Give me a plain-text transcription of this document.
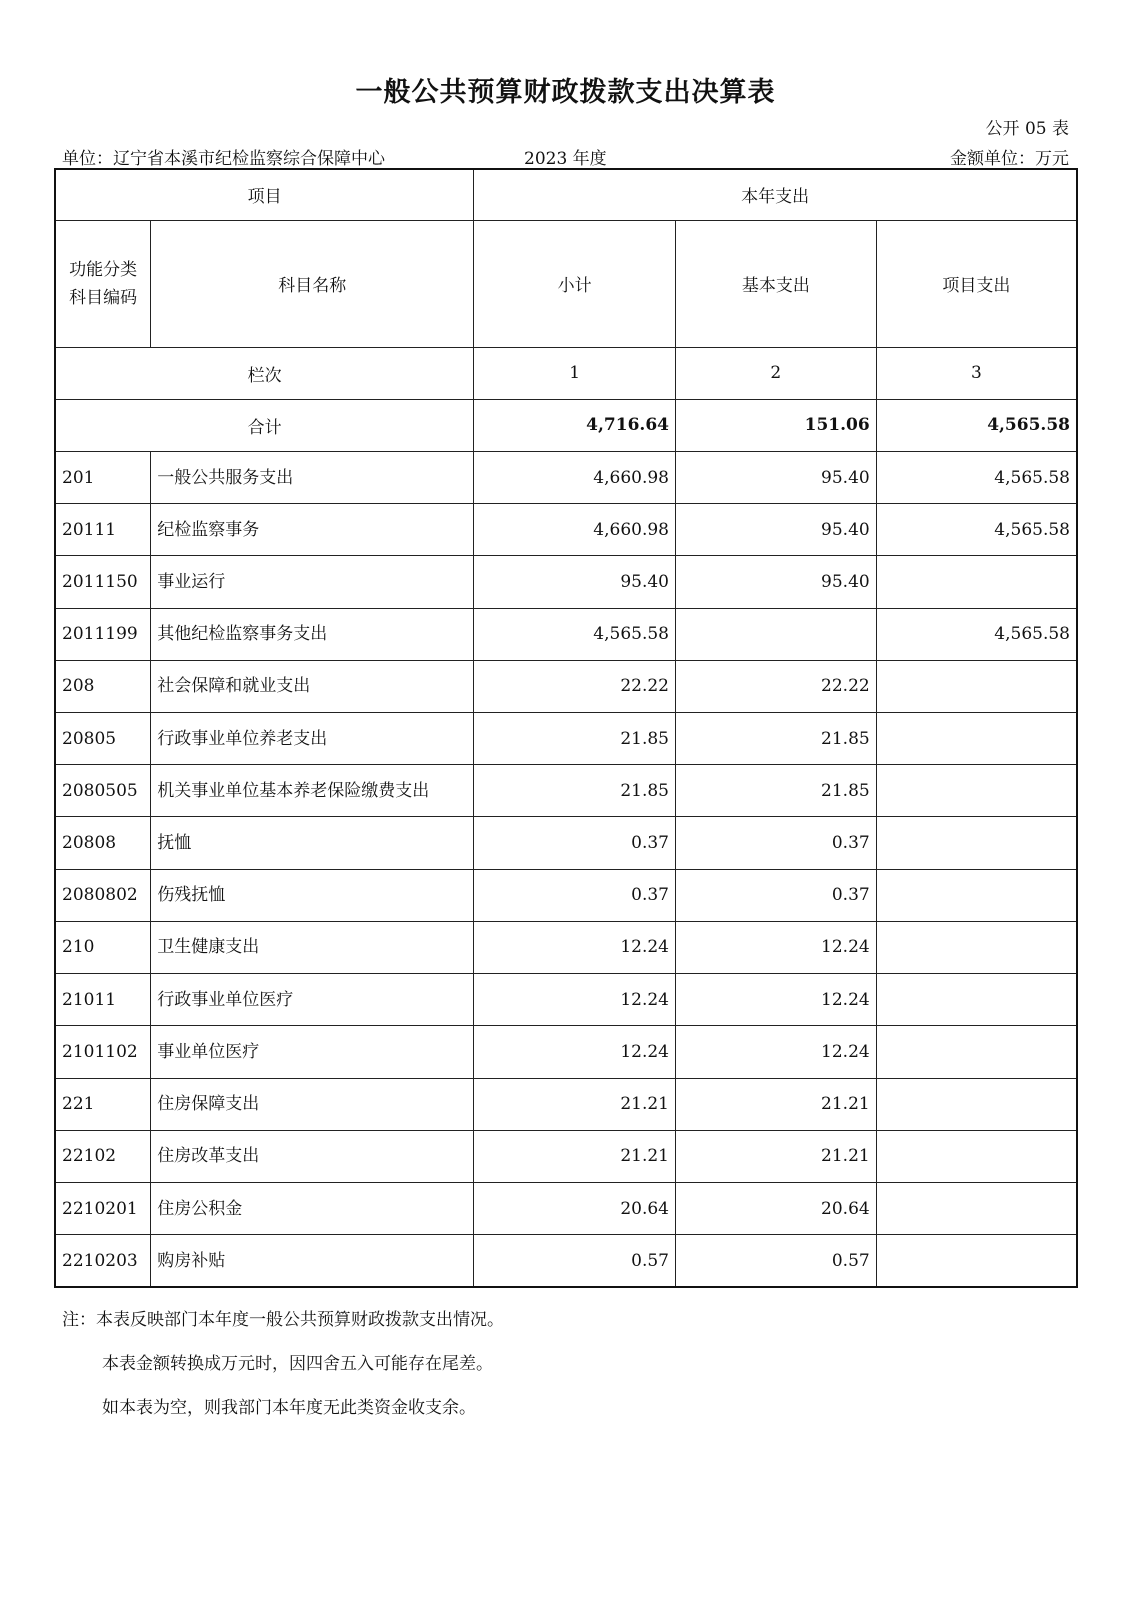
一般公共预算财政拨款支出决算表
公开 05 表
单位：辽宁省本溪市纪检监察综合保障中心	2023 年度	金额单位：万元
项目		本年支出		
功能分类科目编码	科目名称	小计	基本支出	项目支出
栏次		1	2	3
合计		4,716.64	151.06	4,565.58
201	一般公共服务支出	4,660.98	95.40	4,565.58
20111	纪检监察事务	4,660.98	95.40	4,565.58
2011150	事业运行	95.40	95.40	
2011199	其他纪检监察事务支出	4,565.58		4,565.58
208	社会保障和就业支出	22.22	22.22	
20805	行政事业单位养老支出	21.85	21.85	
2080505	机关事业单位基本养老保险缴费支出	21.85	21.85	
20808	抚恤	0.37	0.37	
2080802	伤残抚恤	0.37	0.37	
210	卫生健康支出	12.24	12.24	
21011	行政事业单位医疗	12.24	12.24	
2101102	事业单位医疗	12.24	12.24	
221	住房保障支出	21.21	21.21	
22102	住房改革支出	21.21	21.21	
2210201	住房公积金	20.64	20.64	
2210203	购房补贴	0.57	0.57	
注：本表反映部门本年度一般公共预算财政拨款支出情况。
本表金额转换成万元时，因四舍五入可能存在尾差。
如本表为空，则我部门本年度无此类资金收支余。
